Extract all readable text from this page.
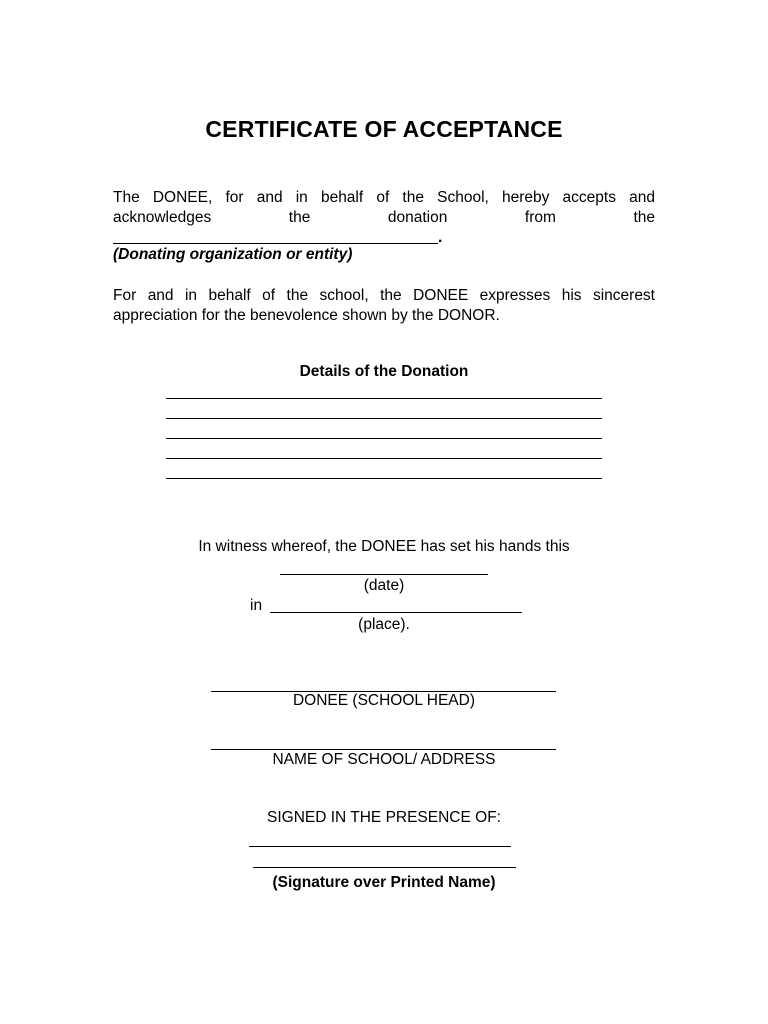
CERTIFICATE OF ACCEPTANCE
The DONEE, for and in behalf of the School, hereby accepts and
acknowledges the donation from the
.
(Donating organization or entity)
For and in behalf of the school, the DONEE expresses his sincerest
appreciation for the benevolence shown by the DONOR.
Details of the Donation
In witness whereof, the DONEE has set his hands this
(date)
in
(place).
DONEE (SCHOOL HEAD)
NAME OF SCHOOL/ ADDRESS
SIGNED IN THE PRESENCE OF:
(Signature over Printed Name)
